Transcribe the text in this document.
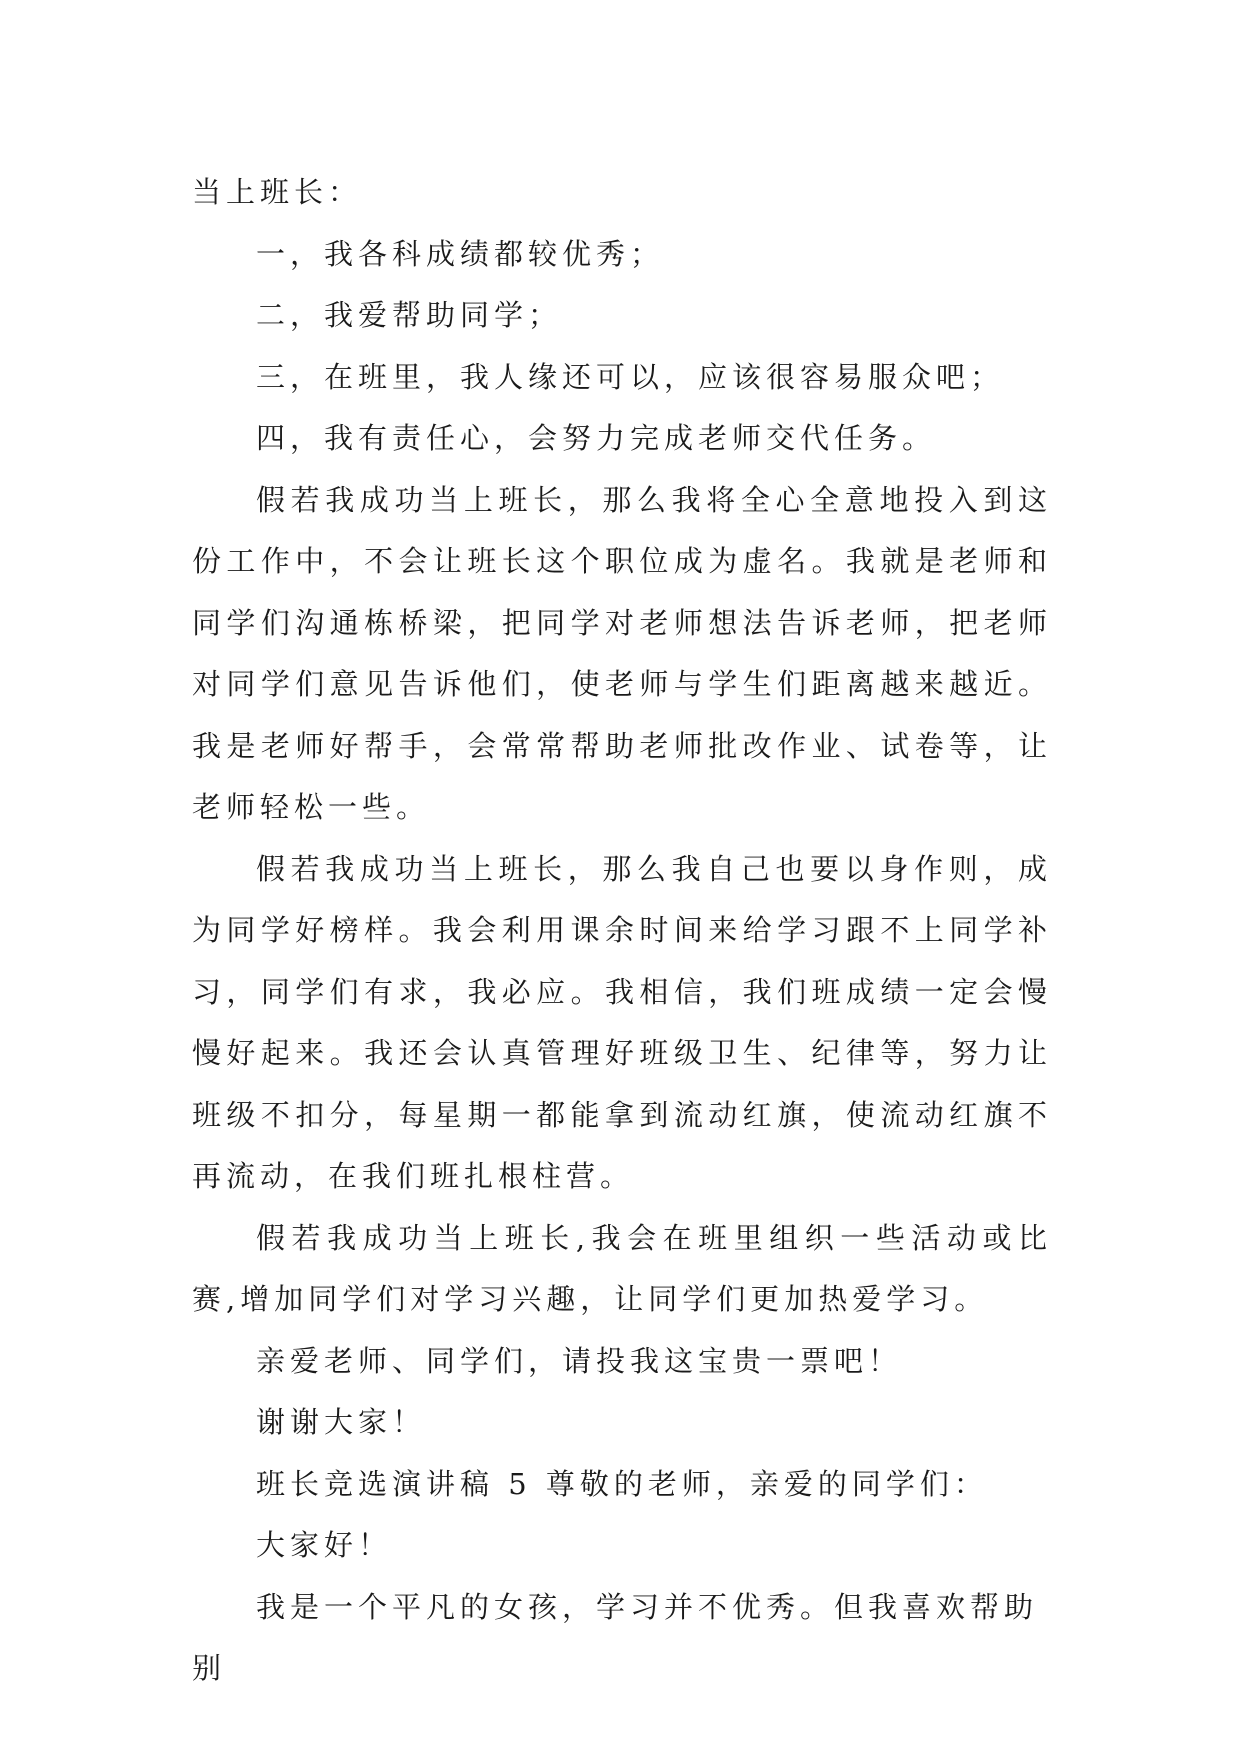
当上班长：

一，我各科成绩都较优秀；

二，我爱帮助同学；

三，在班里，我人缘还可以，应该很容易服众吧；

四，我有责任心，会努力完成老师交代任务。

假若我成功当上班长，那么我将全心全意地投入到这份工作中，不会让班长这个职位成为虚名。我就是老师和同学们沟通栋桥梁，把同学对老师想法告诉老师，把老师对同学们意见告诉他们，使老师与学生们距离越来越近。我是老师好帮手，会常常帮助老师批改作业、试卷等，让老师轻松一些。

假若我成功当上班长，那么我自己也要以身作则，成为同学好榜样。我会利用课余时间来给学习跟不上同学补习，同学们有求，我必应。我相信，我们班成绩一定会慢慢好起来。我还会认真管理好班级卫生、纪律等，努力让班级不扣分，每星期一都能拿到流动红旗，使流动红旗不再流动，在我们班扎根柱营。

假若我成功当上班长,我会在班里组织一些活动或比赛,增加同学们对学习兴趣，让同学们更加热爱学习。

亲爱老师、同学们，请投我这宝贵一票吧！

谢谢大家！

班长竞选演讲稿 5 尊敬的老师，亲爱的同学们：

大家好！

我是一个平凡的女孩，学习并不优秀。但我喜欢帮助别
